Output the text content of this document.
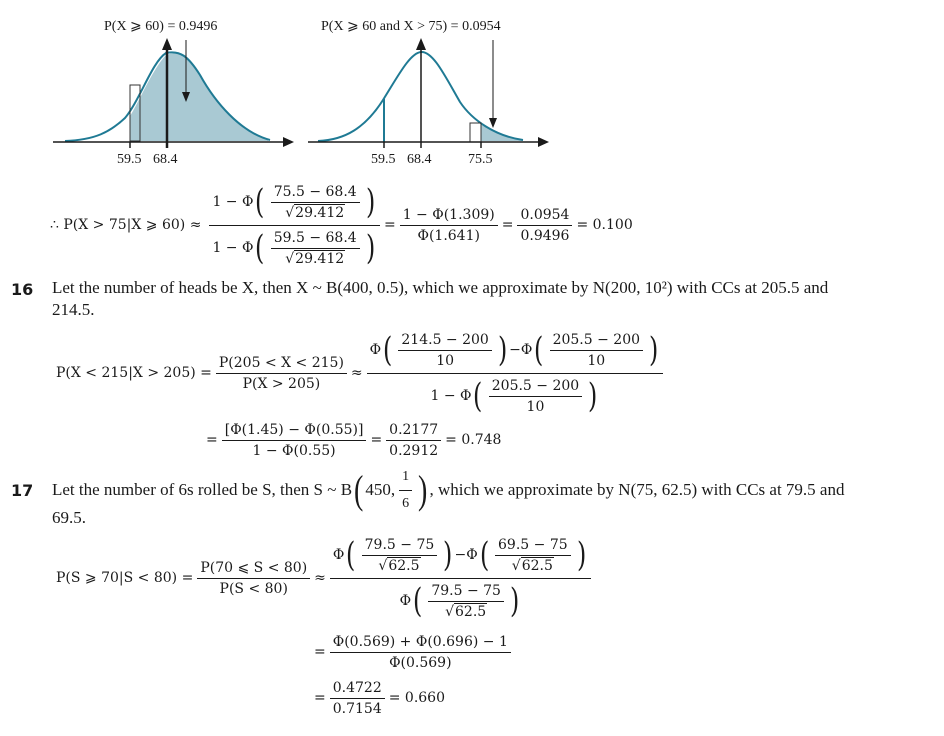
P(X ⩾ 60) = 0.9496
59.5 68.4
P(X ⩾ 60 and X > 75) = 0.0954
59.5 68.4	75.5
∴ P(X > 75|X ⩾ $60) \approx \frac{1 - \Phi ( \frac{75.5 - 68.4}{√29.412} )}{1 - \Phi ( \frac{59.5 - 68.4}{√29.412} )} = \frac{1 - \Phi(1.309)}{\Phi(1.641)} = \frac{0.0954}{0.9496} = 0.100$
16 Let the number of heads be X, then X ~ B(400, 0.5), which we approximate by N(200, 10²) with CCs at 205.5 and
214.5.
$P(X < 215|X > 205) = \frac{P(205 < X < 215)}{P(X > 205)}$ ≈
Φ ( $\frac{214.5 - 200}{10}$ ) − Φ ( $\frac{205.5 - 200}{10}$ )
1 − Φ ( $\frac{205.5 - 200}{10}$ )
= $\frac{[\Phi(1.45) - \Phi(0.55)]}{1 - \Phi(0.55)} = \frac{0.2177}{0.2912} = 0.748$
17 Let the number of 6s rolled be S, then S ~ B ( 450, $\frac{1}{6}$ ) , which we approximate by N(75, 62.5) with CCs at 79.5 and
69.5.
P(S ⩾ $70|S < 80) = \frac{P(70 ⩽ S < 80)}{P(S < 80)}$ ≈
Φ ( $\frac{79.5 - 75}{√62.5}$ ) − Φ ( $\frac{69.5 - 75}{√62.5}$ )
Φ ( $\frac{79.5 - 75}{√62.5}$ )
= $\frac{\Phi(0.569) + \Phi(0.696) - 1}{\Phi(0.569)}$
= $\frac{0.4722}{0.7154} = 0.660$
